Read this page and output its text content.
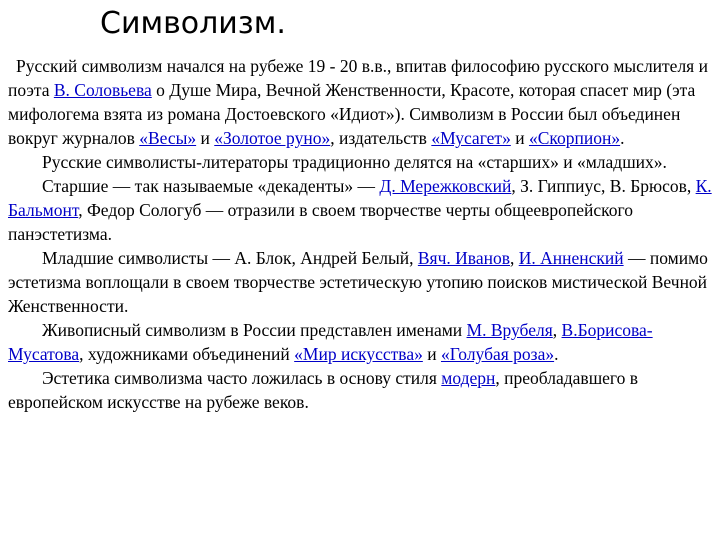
Символизм.

Русский символизм начался на рубеже 19 - 20 в.в., впитав философию русского мыслителя и поэта В. Соловьева о Душе Мира, Вечной Женственности, Красоте, которая спасет мир (эта мифологема взята из романа Достоевского «Идиот»). Символизм в России был объединен вокруг журналов «Весы» и «Золотое руно», издательств «Мусагет» и «Скорпион».

Русские символисты-литераторы традиционно делятся на «старших» и «младших».

Старшие — так называемые «декаденты» — Д. Мережковский, З. Гиппиус, В. Брюсов, К. Бальмонт, Федор Сологуб — отразили в своем творчестве черты общеевропейского панэстетизма.

Младшие символисты — А. Блок, Андрей Белый, Вяч. Иванов, И. Анненский — помимо эстетизма воплощали в своем творчестве эстетическую утопию поисков мистической Вечной Женственности.

Живописный символизм в России представлен именами М. Врубеля, В.Борисова-Мусатова, художниками объединений «Мир искусства» и «Голубая роза».

Эстетика символизма часто ложилась в основу стиля модерн, преобладавшего в европейском искусстве на рубеже веков.
